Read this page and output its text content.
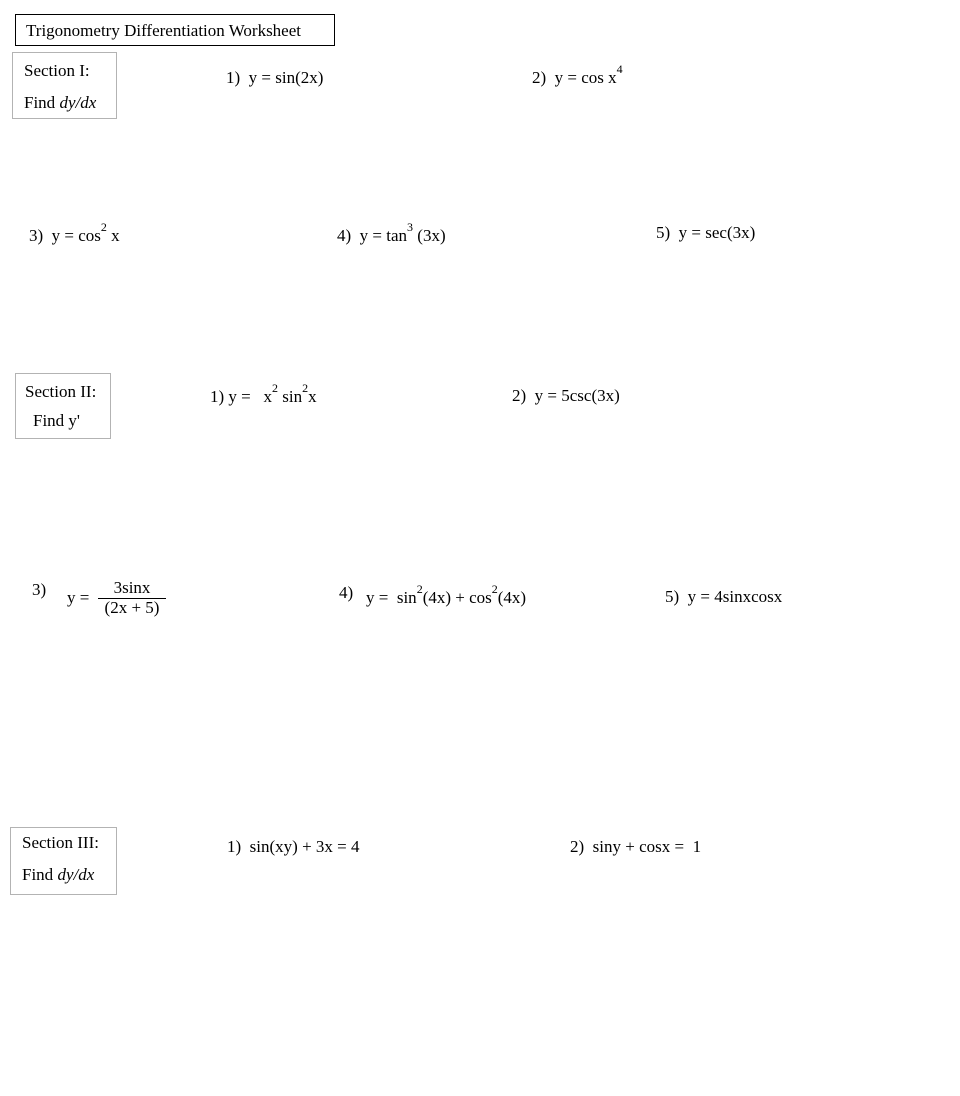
Trigonometry Differentiation Worksheet
Section I:
Find dy/dx
1) y = sin(2x)	2) $y = \cos x^4$
3) $y = \cos^2 x$	4) $y = \tan^3 (3x)$	5) y = sec(3x)
Section II:
Find y'
1) $y = x^2$ $\sin^2x$	2) y = 5csc(3x)
3) y =
3sinx
(2x + 5)
4) $y = \sin^2(4x) + \cos^2(4x)$	5) y = 4sinxcosx
Section III:
Find dy/dx
1) sin(xy) + 3x = 4	2) siny + cosx =  1
